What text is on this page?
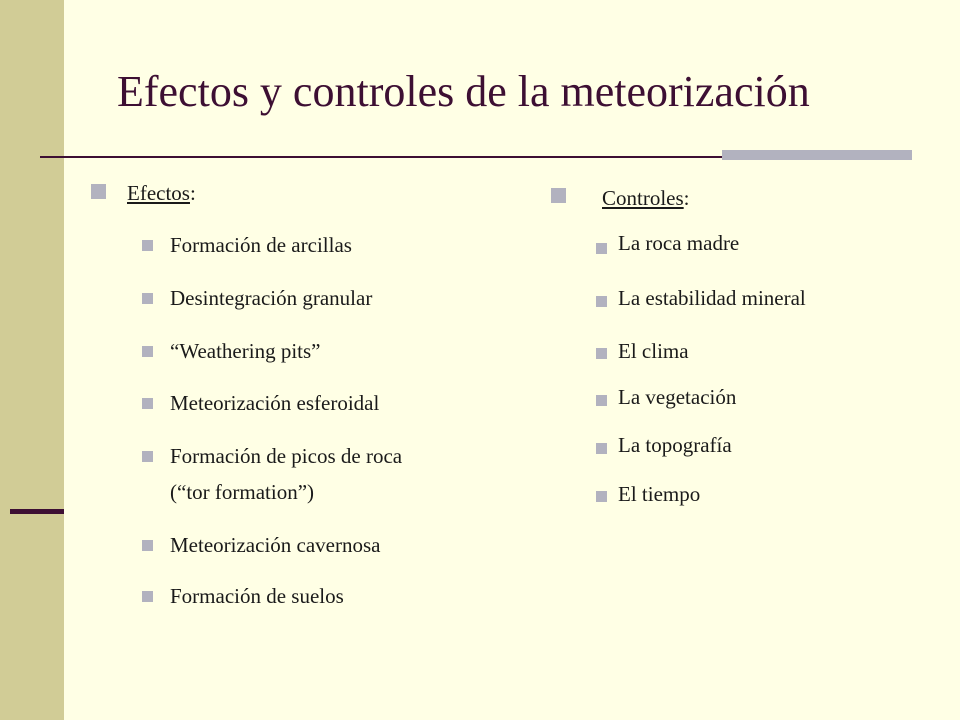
Efectos y controles de la meteorización
Efectos:
Formación de arcillas
Desintegración granular
“Weathering pits”
Meteorización esferoidal
Formación de picos de roca
(“tor formation”)
Meteorización cavernosa
Formación de suelos
Controles:
La roca madre
La estabilidad mineral
El clima
La vegetación
La topografía
El tiempo
